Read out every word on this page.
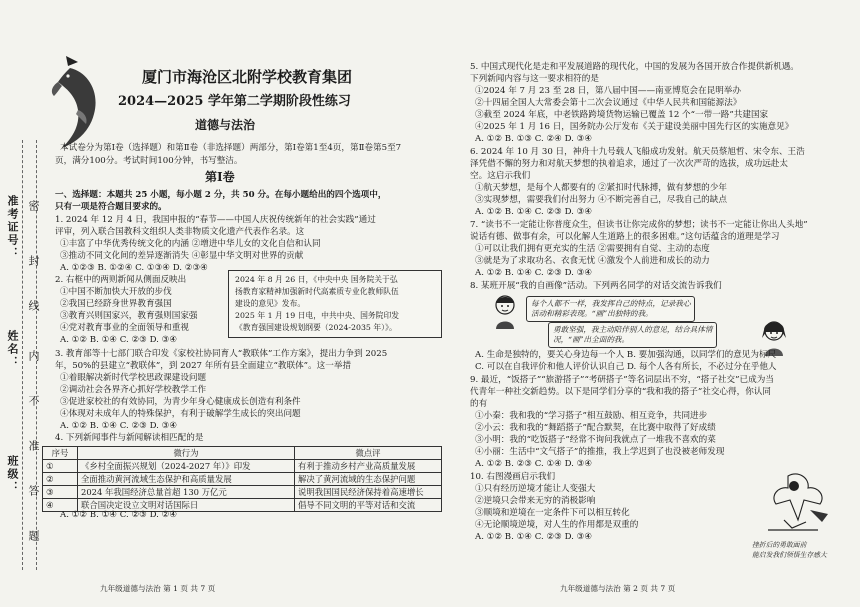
班级：
姓名：
准考证号： 密
封
线
内
不
准
答
题
厦门市海沧区北附学校教育集团
2024—2025 学年第二学期阶段性练习
道德与法治
本试卷分为第Ⅰ卷（选择题）和第Ⅱ卷（非选择题）两部分，第Ⅰ卷第1至4页，第Ⅱ卷第5至7
页，满分100分。考试时间100分钟，书写整洁。
第Ⅰ卷
一、选择题：本题共 25 小题，每小题 2 分，共 50 分。在每小题给出的四个选项中，
只有一项是符合题目要求的。
1. 2024 年 12 月 4 日，我国申报的“春节——中国人庆祝传统新年的社会实践”通过
评审，列入联合国教科文组织人类非物质文化遗产代表作名录。这
①丰富了中华优秀传统文化的内涵 ②增进中华儿女的文化自信和认同
③推动不同文化间的差异逐渐消失 ④彰显中华文明对世界的贡献
A. ①②③ B. ①②④ C. ①③④ D. ②③④
2. 右框中的两则新闻从侧面反映出
①中国不断加快大开放的步伐
②我国已经跻身世界教育强国
③教育兴则国家兴，教育强则国家强
④党对教育事业的全面领导和重视
A. ①② B. ①④ C. ②③ D. ③④
2024 年 8 月 26 日，《中央中央 国务院关于弘
扬教育家精神加强新时代高素质专业化教师队伍
建设的意见》发布。
2025 年 1 月 19 日电，中共中央、国务院印发
《教育强国建设规划纲要（2024-2035 年）》。
3. 教育部等十七部门联合印发《家校社协同育人“教联体”工作方案》，提出力争到 2025
年，50%的县建立“教联体”，到 2027 年所有县全面建立“教联体”。这一举措
①着眼解决新时代学校思政课建设问题
②调动社会各界齐心抓好学校教学工作
③促进家校社的有效协同，为青少年身心健康成长创造有利条件
④体现对未成年人的特殊保护，有利于破解学生成长的突出问题
A. ①② B. ①④ C. ②③ D. ③④
4. 下列新闻事件与新闻解读相匹配的是
序号	微行为	微点评
①	《乡村全面振兴规划（2024-2027 年）》印发	有利于推动乡村产业高质量发展
②	全面推动黄河流域生态保护和高质量发展	解决了黄河流域的生态保护问题
③	2024 年我国经济总量首超 130 万亿元	说明我国国民经济保持着高速增长
④	联合国决定设立文明对话国际日	倡导不同文明的平等对话和交流
A. ①② B. ①④ C. ②③ D. ②④
九年级道德与法治 第 1 页 共 7 页
5. 中国式现代化是走和平发展道路的现代化，中国的发展为各国开放合作提供新机遇。
下列新闻内容与这一要求相符的是
①2024 年 7 月 23 至 28 日，第八届中国——南亚博览会在昆明举办
②十四届全国人大常委会第十二次会议通过《中华人民共和国能源法》
③截至 2024 年底，中老铁路跨境货物运输已覆盖 12 个“一带一路”共建国家
④2025 年 1 月 16 日，国务院办公厅发布《关于建设美丽中国先行区的实施意见》
A. ①② B. ①③ C. ②④ D. ③④
6. 2024 年 10 月 30 日，神舟十九号载人飞船成功发射。航天员蔡旭哲、宋令东、王浩
泽凭借不懈的努力和对航天梦想的执着追求，通过了一次次严苛的选拔，成功远赴太
空。这启示我们
①航天梦想，是每个人都要有的 ②紧扣时代脉搏，做有梦想的少年
③实现梦想，需要我们付出努力 ④不断完善自己，尽我自己的缺点
A. ①② B. ①④ C. ②③ D. ③④
7. “读书不一定能让你普度众生，但读书让你完成你的梦想；读书不一定能让你出人头地”
说话有德、做事有余，可以化解人生道路上的很多困难。”这句话蕴含的道理是学习
①可以让我们拥有更充实的生活 ②需要拥有自觉、主动的态度
③就是为了求取功名、衣食无忧 ④激发个人前进和成长的动力
A. ①② B. ①④ C. ②③ D. ③④
8. 某班开展“我的自画像”活动。下列两名同学的对话交流告诉我们
每个人都不一样，我发挥自己的特点，记录我心
活动和精彩表现。“画”出独特的我。
勇敢坚强，我主动陪伴别人的意见，结合具体情
况，“画”出全面的我。
A. 生命是独特的，要关心身边每一个人 B. 要加强沟通，以同学们的意见为标尺
C. 可以在自我评价和他人评价认识自己 D. 每个人各有所长，不必过分在乎他人
9. 最近，“饭搭子”“旅游搭子”“考研搭子”等名词层出不穷，“搭子社交”已成为当
代青年一种社交新趋势。以下是同学们分享的“我和我的搭子”社交心得，你认同
的有
①小秦：我和我的“学习搭子”相互鼓励、相互竞争，共同进步
②小云：我和我的“舞蹈搭子”配合默契，在比赛中取得了好成绩
③小明：我的“吃饭搭子”经常不询问我就点了一堆我不喜欢的菜
④小丽：生活中“文气搭子”的推推，我上学迟到了也没被老师发现
A. ①② B. ②③ C. ①④ D. ③④
10. 右图漫画启示我们
①只有经历逆境才能让人变强大
②逆境只会带来无穷的消极影响
③顺境和逆境在一定条件下可以相互转化
④无论顺境逆境，对人生的作用都是双重的
A. ①② B. ①④ C. ②③ D. ③④
挫折后的勇敢面前
能启发我们领悟生存感大
九年级道德与法治 第 2 页 共 7 页
